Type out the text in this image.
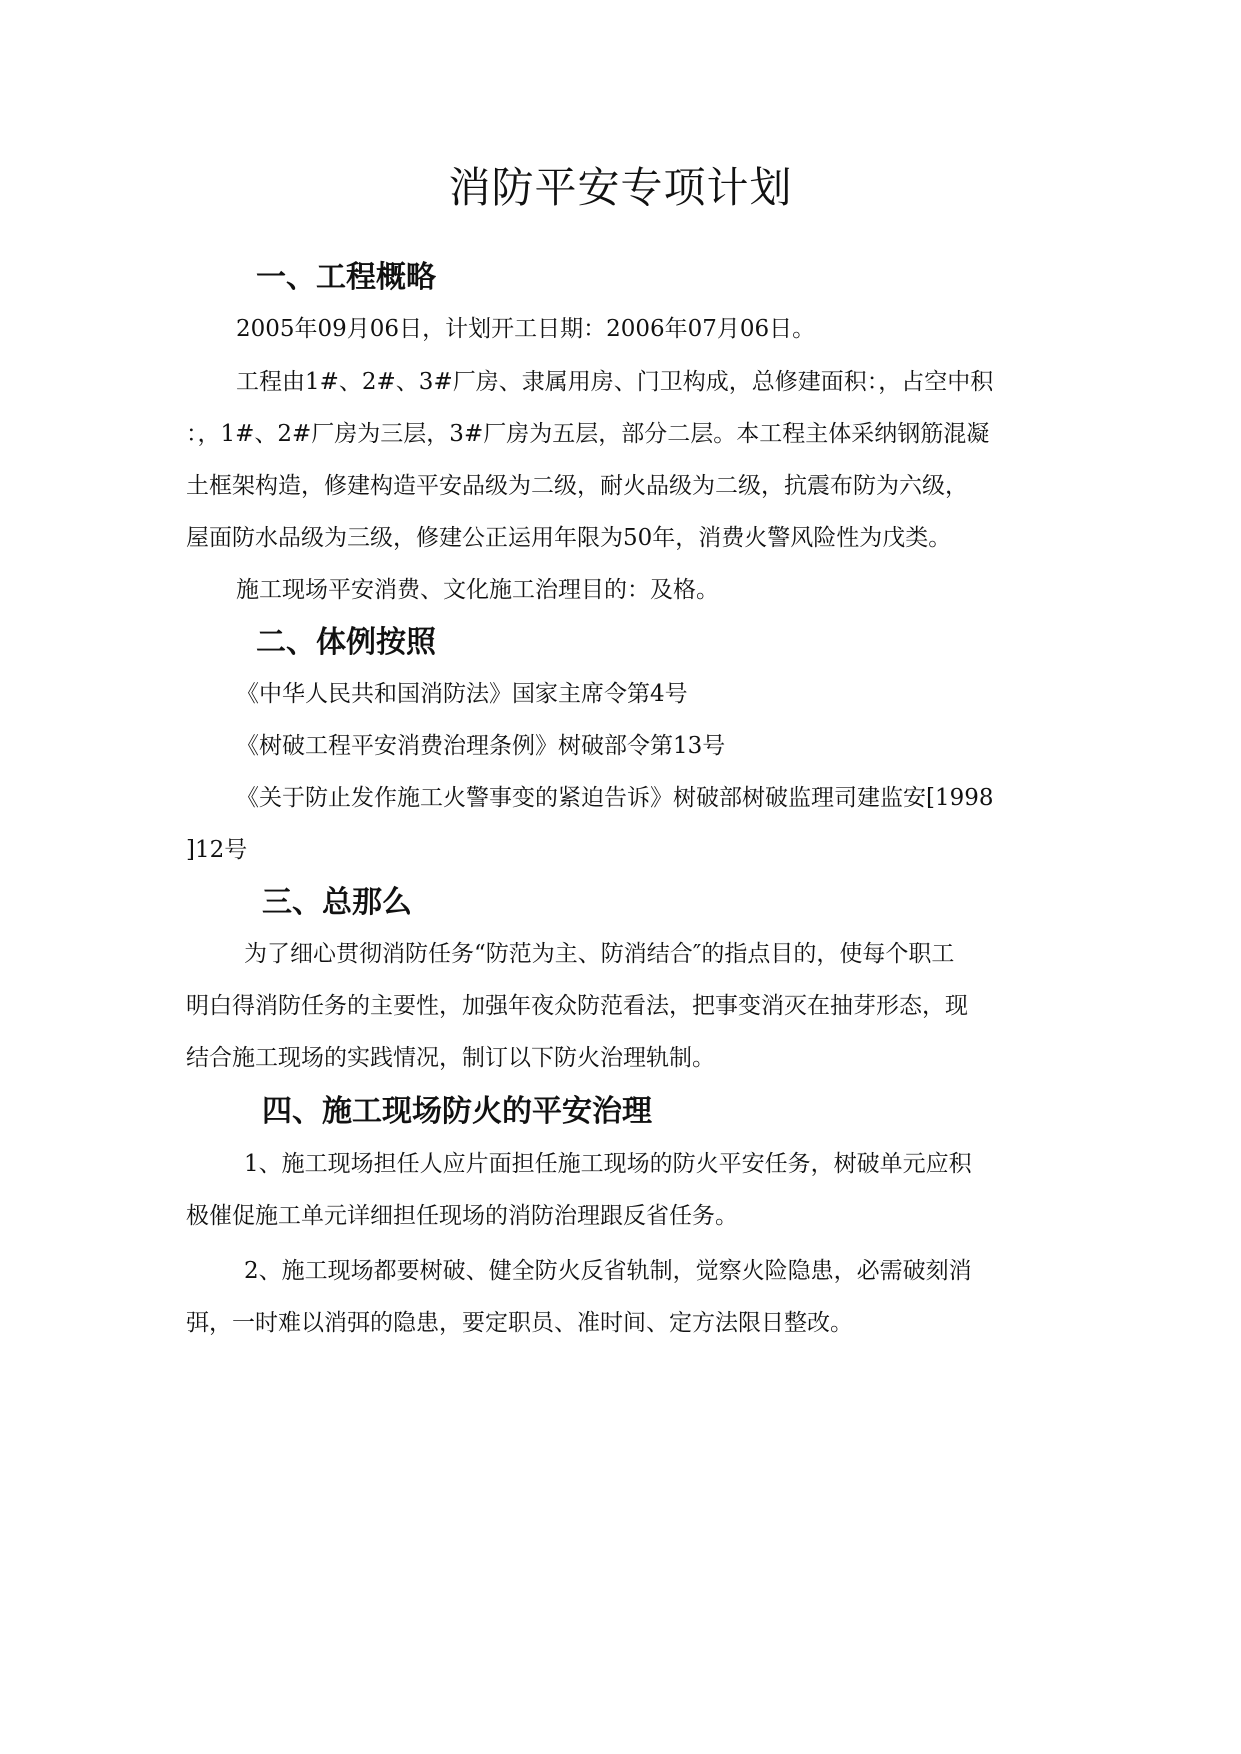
消防平安专项计划
一、工程概略
2005年09月06日，计划开工日期：2006年07月06日。
工程由1#、2#、3#厂房、隶属用房、门卫构成，总修建面积：，占空中积
：，1#、2#厂房为三层，3#厂房为五层，部分二层。本工程主体采纳钢筋混凝
土框架构造，修建构造平安品级为二级，耐火品级为二级，抗震布防为六级，
屋面防水品级为三级，修建公正运用年限为50年，消费火警风险性为戊类。
施工现场平安消费、文化施工治理目的：及格。
二、体例按照
《中华人民共和国消防法》国家主席令第4号
《树破工程平安消费治理条例》树破部令第13号
《关于防止发作施工火警事变的紧迫告诉》树破部树破监理司建监安[1998
]12号
三、总那么
为了细心贯彻消防任务“防范为主、防消结合″的指点目的，使每个职工
明白得消防任务的主要性，加强年夜众防范看法，把事变消灭在抽芽形态，现
结合施工现场的实践情况，制订以下防火治理轨制。
四、施工现场防火的平安治理
1、施工现场担任人应片面担任施工现场的防火平安任务，树破单元应积
极催促施工单元详细担任现场的消防治理跟反省任务。
2、施工现场都要树破、健全防火反省轨制，觉察火险隐患，必需破刻消
弭，一时难以消弭的隐患，要定职员、准时间、定方法限日整改。
